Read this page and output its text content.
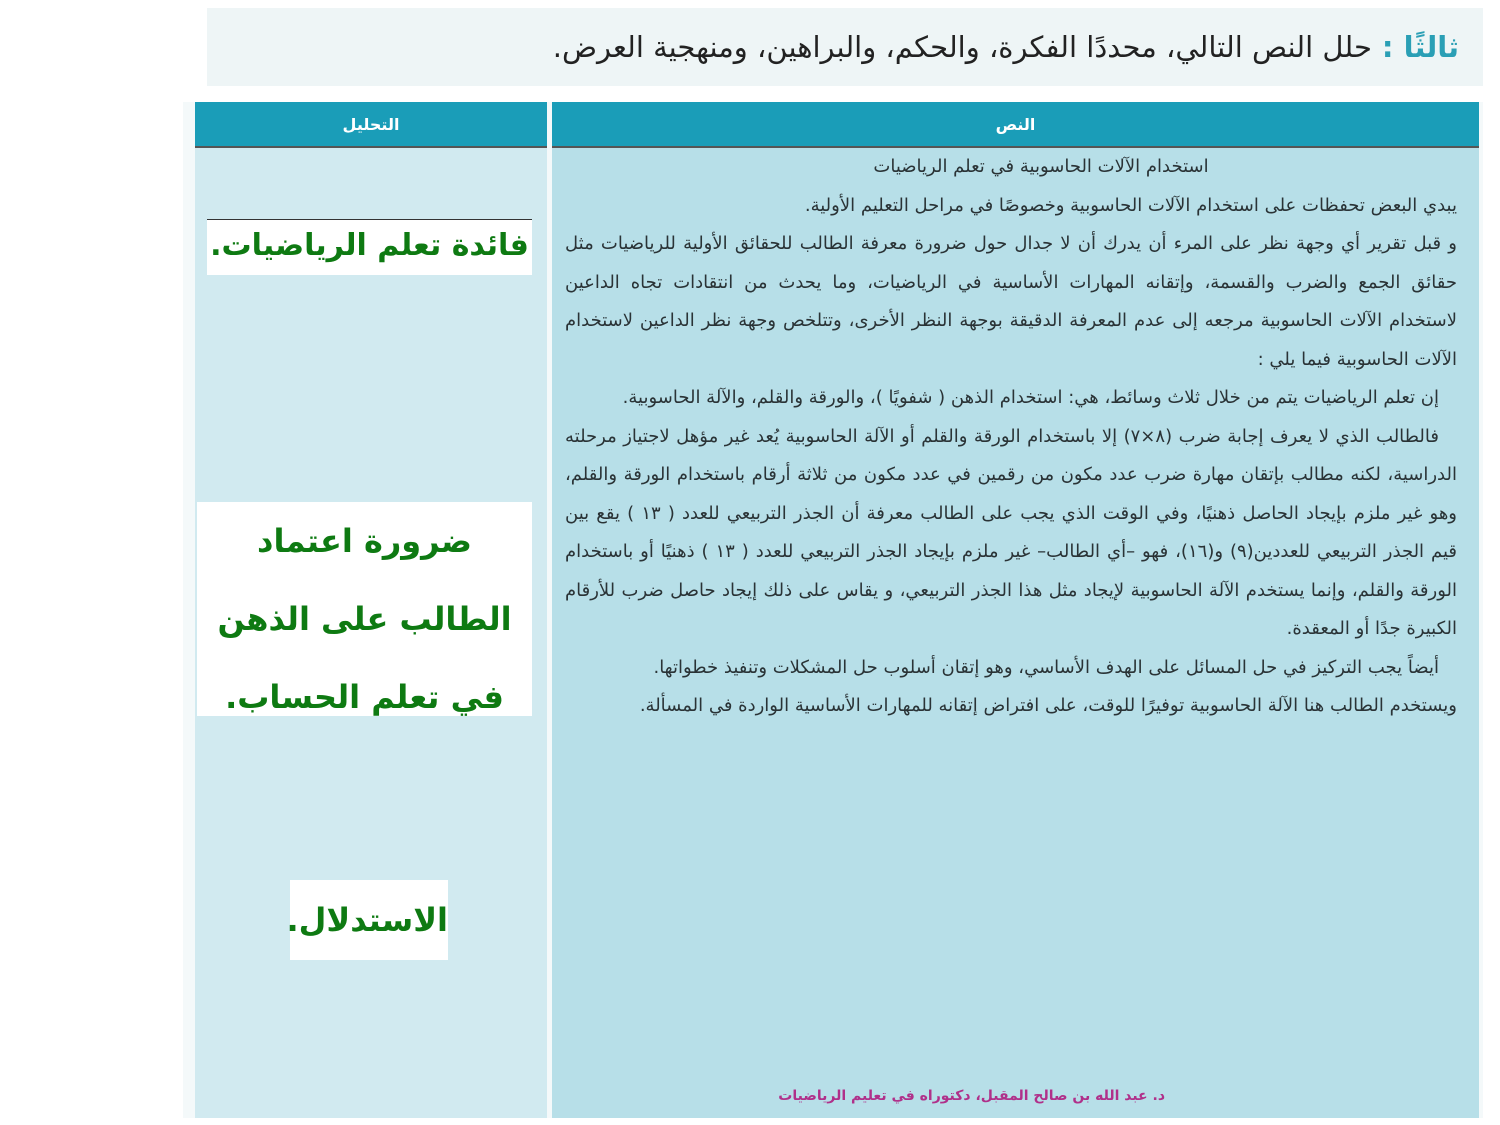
ثالثًا :
حلل النص التالي، محددًا الفكرة، والحكم، والبراهين، ومنهجية العرض.
التحليل	النص
فائدة تعلم الرياضيات.
ضرورة اعتماد الطالب على الذهن في تعلم الحساب.
الاستدلال.
استخدام الآلات الحاسوبية في تعلم الرياضيات

يبدي البعض تحفظات على استخدام الآلات الحاسوبية وخصوصًا في مراحل التعليم الأولية.

و قبل تقرير أي وجهة نظر على المرء أن يدرك أن لا جدال حول ضرورة معرفة الطالب للحقائق الأولية للرياضيات مثل حقائق الجمع والضرب والقسمة، وإتقانه المهارات الأساسية في الرياضيات، وما يحدث من انتقادات تجاه الداعين لاستخدام الآلات الحاسوبية مرجعه إلى عدم المعرفة الدقيقة بوجهة النظر الأخرى، وتتلخص وجهة نظر الداعين لاستخدام الآلات الحاسوبية فيما يلي :

إن تعلم الرياضيات يتم من خلال ثلاث وسائط، هي: استخدام الذهن ( شفويًا )، والورقة والقلم، والآلة الحاسوبية.

فالطالب الذي لا يعرف إجابة ضرب (٨×٧) إلا باستخدام الورقة والقلم أو الآلة الحاسوبية يُعد غير مؤهل لاجتياز مرحلته الدراسية، لكنه مطالب بإتقان مهارة ضرب عدد مكون من رقمين في عدد مكون من ثلاثة أرقام باستخدام الورقة والقلم، وهو غير ملزم بإيجاد الحاصل ذهنيًا، وفي الوقت الذي يجب على الطالب معرفة أن الجذر التربيعي للعدد ( ١٣ ) يقع بين قيم الجذر التربيعي للعددين(٩) و(١٦)، فهو –أي الطالب– غير ملزم بإيجاد الجذر التربيعي للعدد ( ١٣ ) ذهنيًا أو باستخدام الورقة والقلم، وإنما يستخدم الآلة الحاسوبية لإيجاد مثل هذا الجذر التربيعي، و يقاس على ذلك إيجاد حاصل ضرب للأرقام الكبيرة جدًا أو المعقدة.

أيضاً يجب التركيز في حل المسائل على الهدف الأساسي، وهو إتقان أسلوب حل المشكلات وتنفيذ خطواتها.

ويستخدم الطالب هنا الآلة الحاسوبية توفيرًا للوقت، على افتراض إتقانه للمهارات الأساسية الواردة في المسألة.

د. عبد الله بن صالح المقبل، دكتوراه في تعليم الرياضيات
